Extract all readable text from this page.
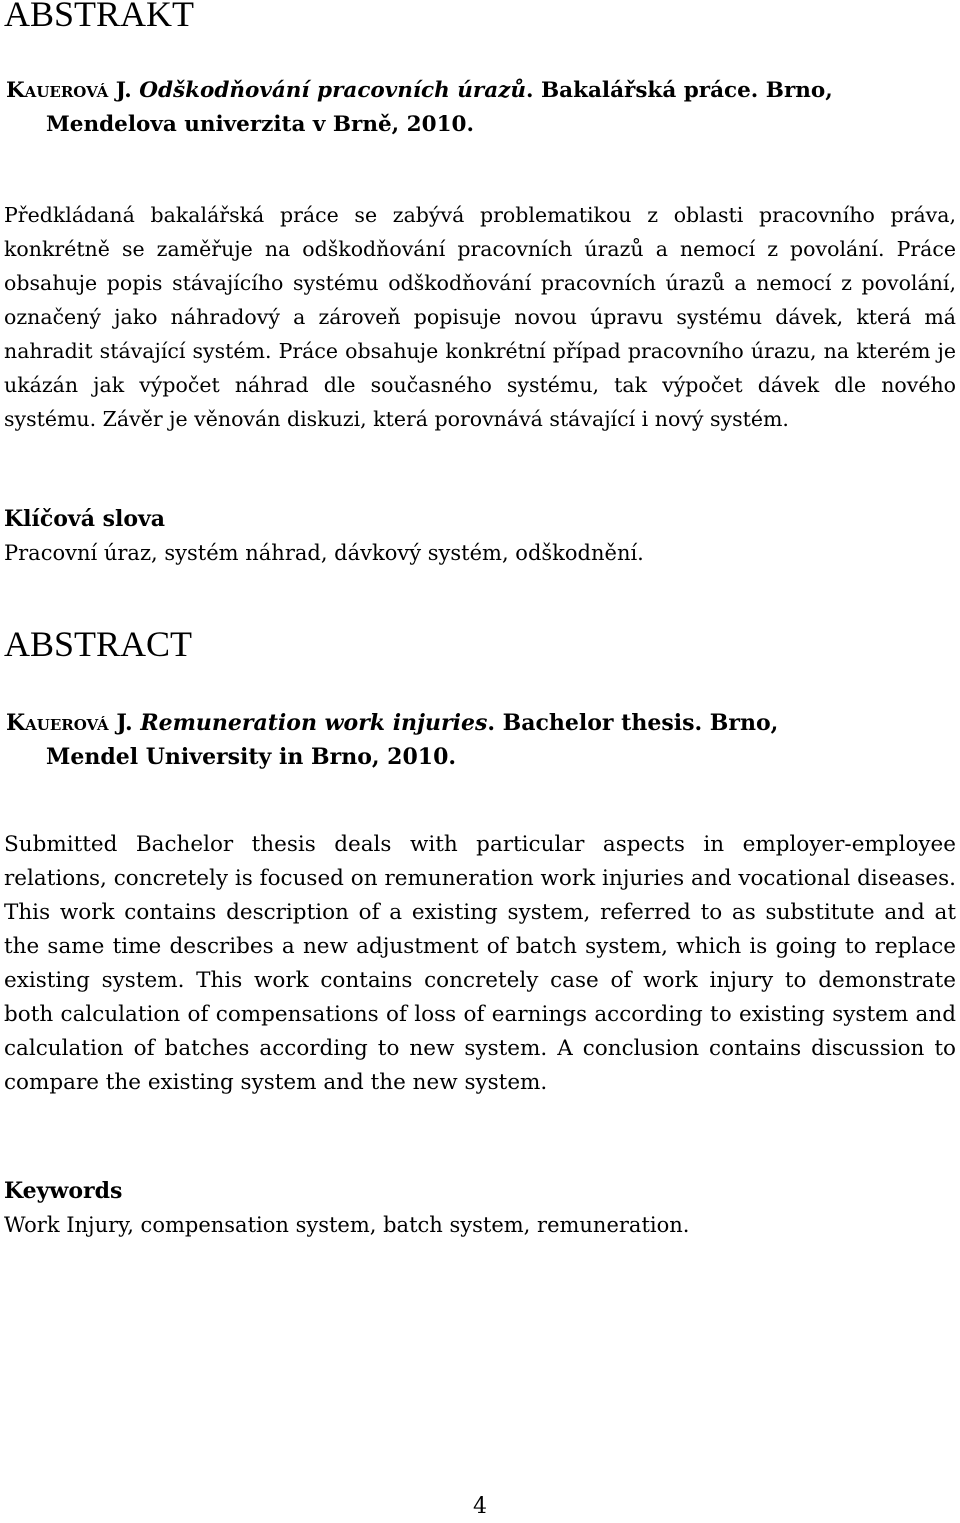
ABSTRAKT

Kauerová J. Odškodňování pracovních úrazů. Bakalářská práce. Brno,
Mendelova univerzita v Brně, 2010.

Předkládaná bakalářská práce se zabývá problematikou z oblasti pracovního práva, konkrétně se zaměřuje na odškodňování pracovních úrazů a nemocí z povolání. Práce obsahuje popis stávajícího systému odškodňování pracovních úrazů a nemocí z povolání, označený jako náhradový a zároveň popisuje novou úpravu systému dávek, která má nahradit stávající systém. Práce obsahuje konkrétní případ pracovního úrazu, na kterém je ukázán jak výpočet náhrad dle současného systému, tak výpočet dávek dle nového systému. Závěr je věnován diskuzi, která porovnává stávající i nový systém.

Klíčová slova

Pracovní úraz, systém náhrad, dávkový systém, odškodnění.

ABSTRACT

Kauerová J. Remuneration work injuries. Bachelor thesis. Brno,
Mendel University in Brno, 2010.

Submitted Bachelor thesis deals with particular aspects in employer-employee relations, concretely is focused on remuneration work injuries and vocational diseases. This work contains description of a existing system, referred to as substitute and at the same time describes a new adjustment of batch system, which is going to replace existing system. This work contains concretely case of work injury to demonstrate both calculation of compensations of loss of earnings according to existing system and calculation of batches according to new system. A conclusion contains discussion to compare the existing system and the new system.

Keywords

Work Injury, compensation system, batch system, remuneration.

4
